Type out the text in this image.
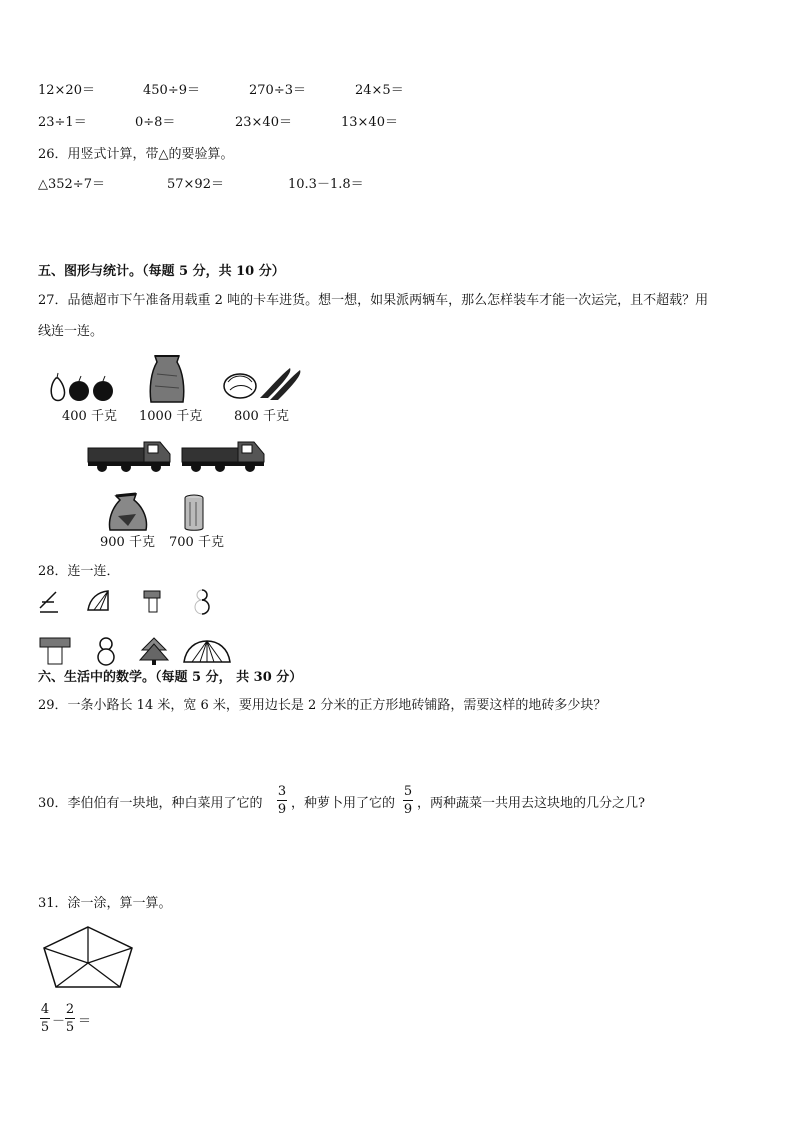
12×20＝	450÷9＝	270÷3＝	24×5＝
23÷1＝	0÷8＝	23×40＝	13×40＝
26．用竖式计算，带△的要验算。
△352÷7＝	57×92＝	10.3－1.8＝
五、图形与统计。（每题 5 分，共 10 分）
27．品德超市下午准备用载重 2 吨的卡车进货。想一想，如果派两辆车，那么怎样装车才能一次运完，且不超载？用
线连一连。
400 千克 1000 千克 800 千克
900 千克 700 千克
28．连一连．
六、生活中的数学。（每题 5 分， 共 30 分）
29．一条小路长 14 米，宽 6 米，要用边长是 2 分米的正方形地砖铺路，需要这样的地砖多少块？
30．李伯伯有一块地，种白菜用了它的
3
9 ，种萝卜用了它的
5
9 ，两种蔬菜一共用去这块地的几分之几?
31．涂一涂，算一算。
4
5 －
2
5 ＝
